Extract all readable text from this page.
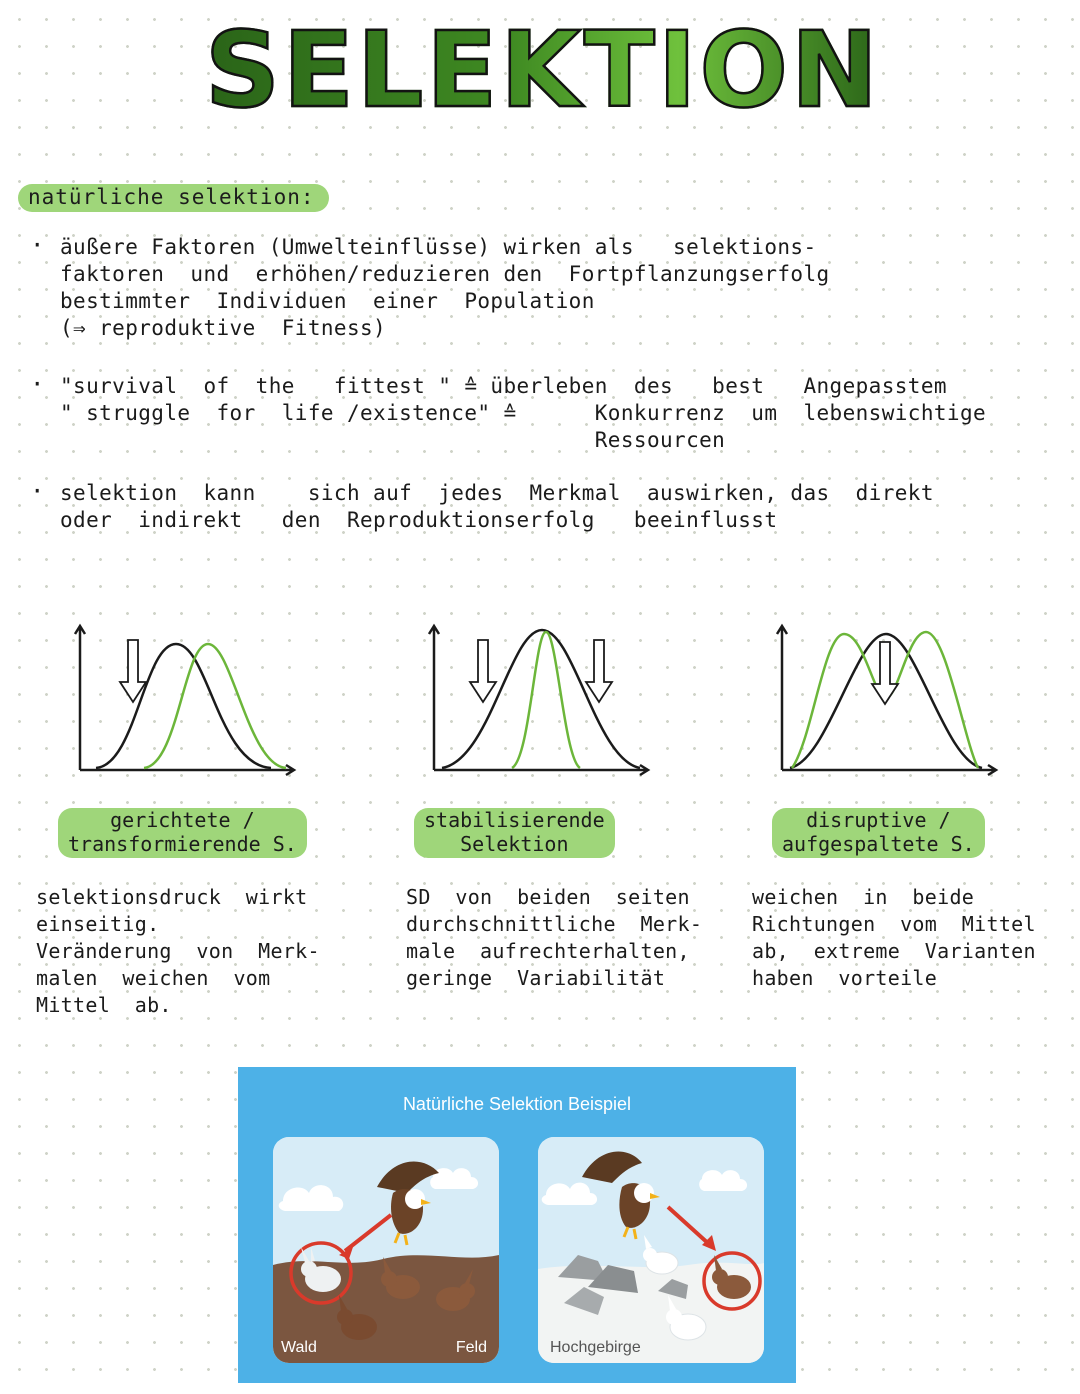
SELEKTION
natürliche selektion:
· äußere Faktoren (Umwelteinflüsse) wirken als   selektions-
faktoren  und  erhöhen/reduzieren den  Fortpflanzungserfolg
bestimmter  Individuen  einer  Population
(⇒ reproduktive  Fitness)
· "survival  of  the   fittest " ≙ überleben  des   best   Angepasstem
" struggle  for  life /existence" ≙      Konkurrenz  um  lebenswichtige
Ressourcen
· selektion  kann    sich auf  jedes  Merkmal  auswirken, das  direkt
oder  indirekt   den  Reproduktionserfolg   beeinflusst
gerichtete /
transformierende S.
stabilisierende
Selektion
disruptive /
aufgespaltete S.
selektionsdruck  wirkt
einseitig.
Veränderung  von  Merk-
malen  weichen  vom
Mittel  ab.
SD  von  beiden  seiten
durchschnittliche  Merk-
male  aufrechterhalten,
geringe  Variabilität
weichen  in  beide
Richtungen  vom  Mittel
ab,  extreme  Varianten
haben  vorteile
Natürliche Selektion Beispiel
Wald	Feld	Hochgebirge
